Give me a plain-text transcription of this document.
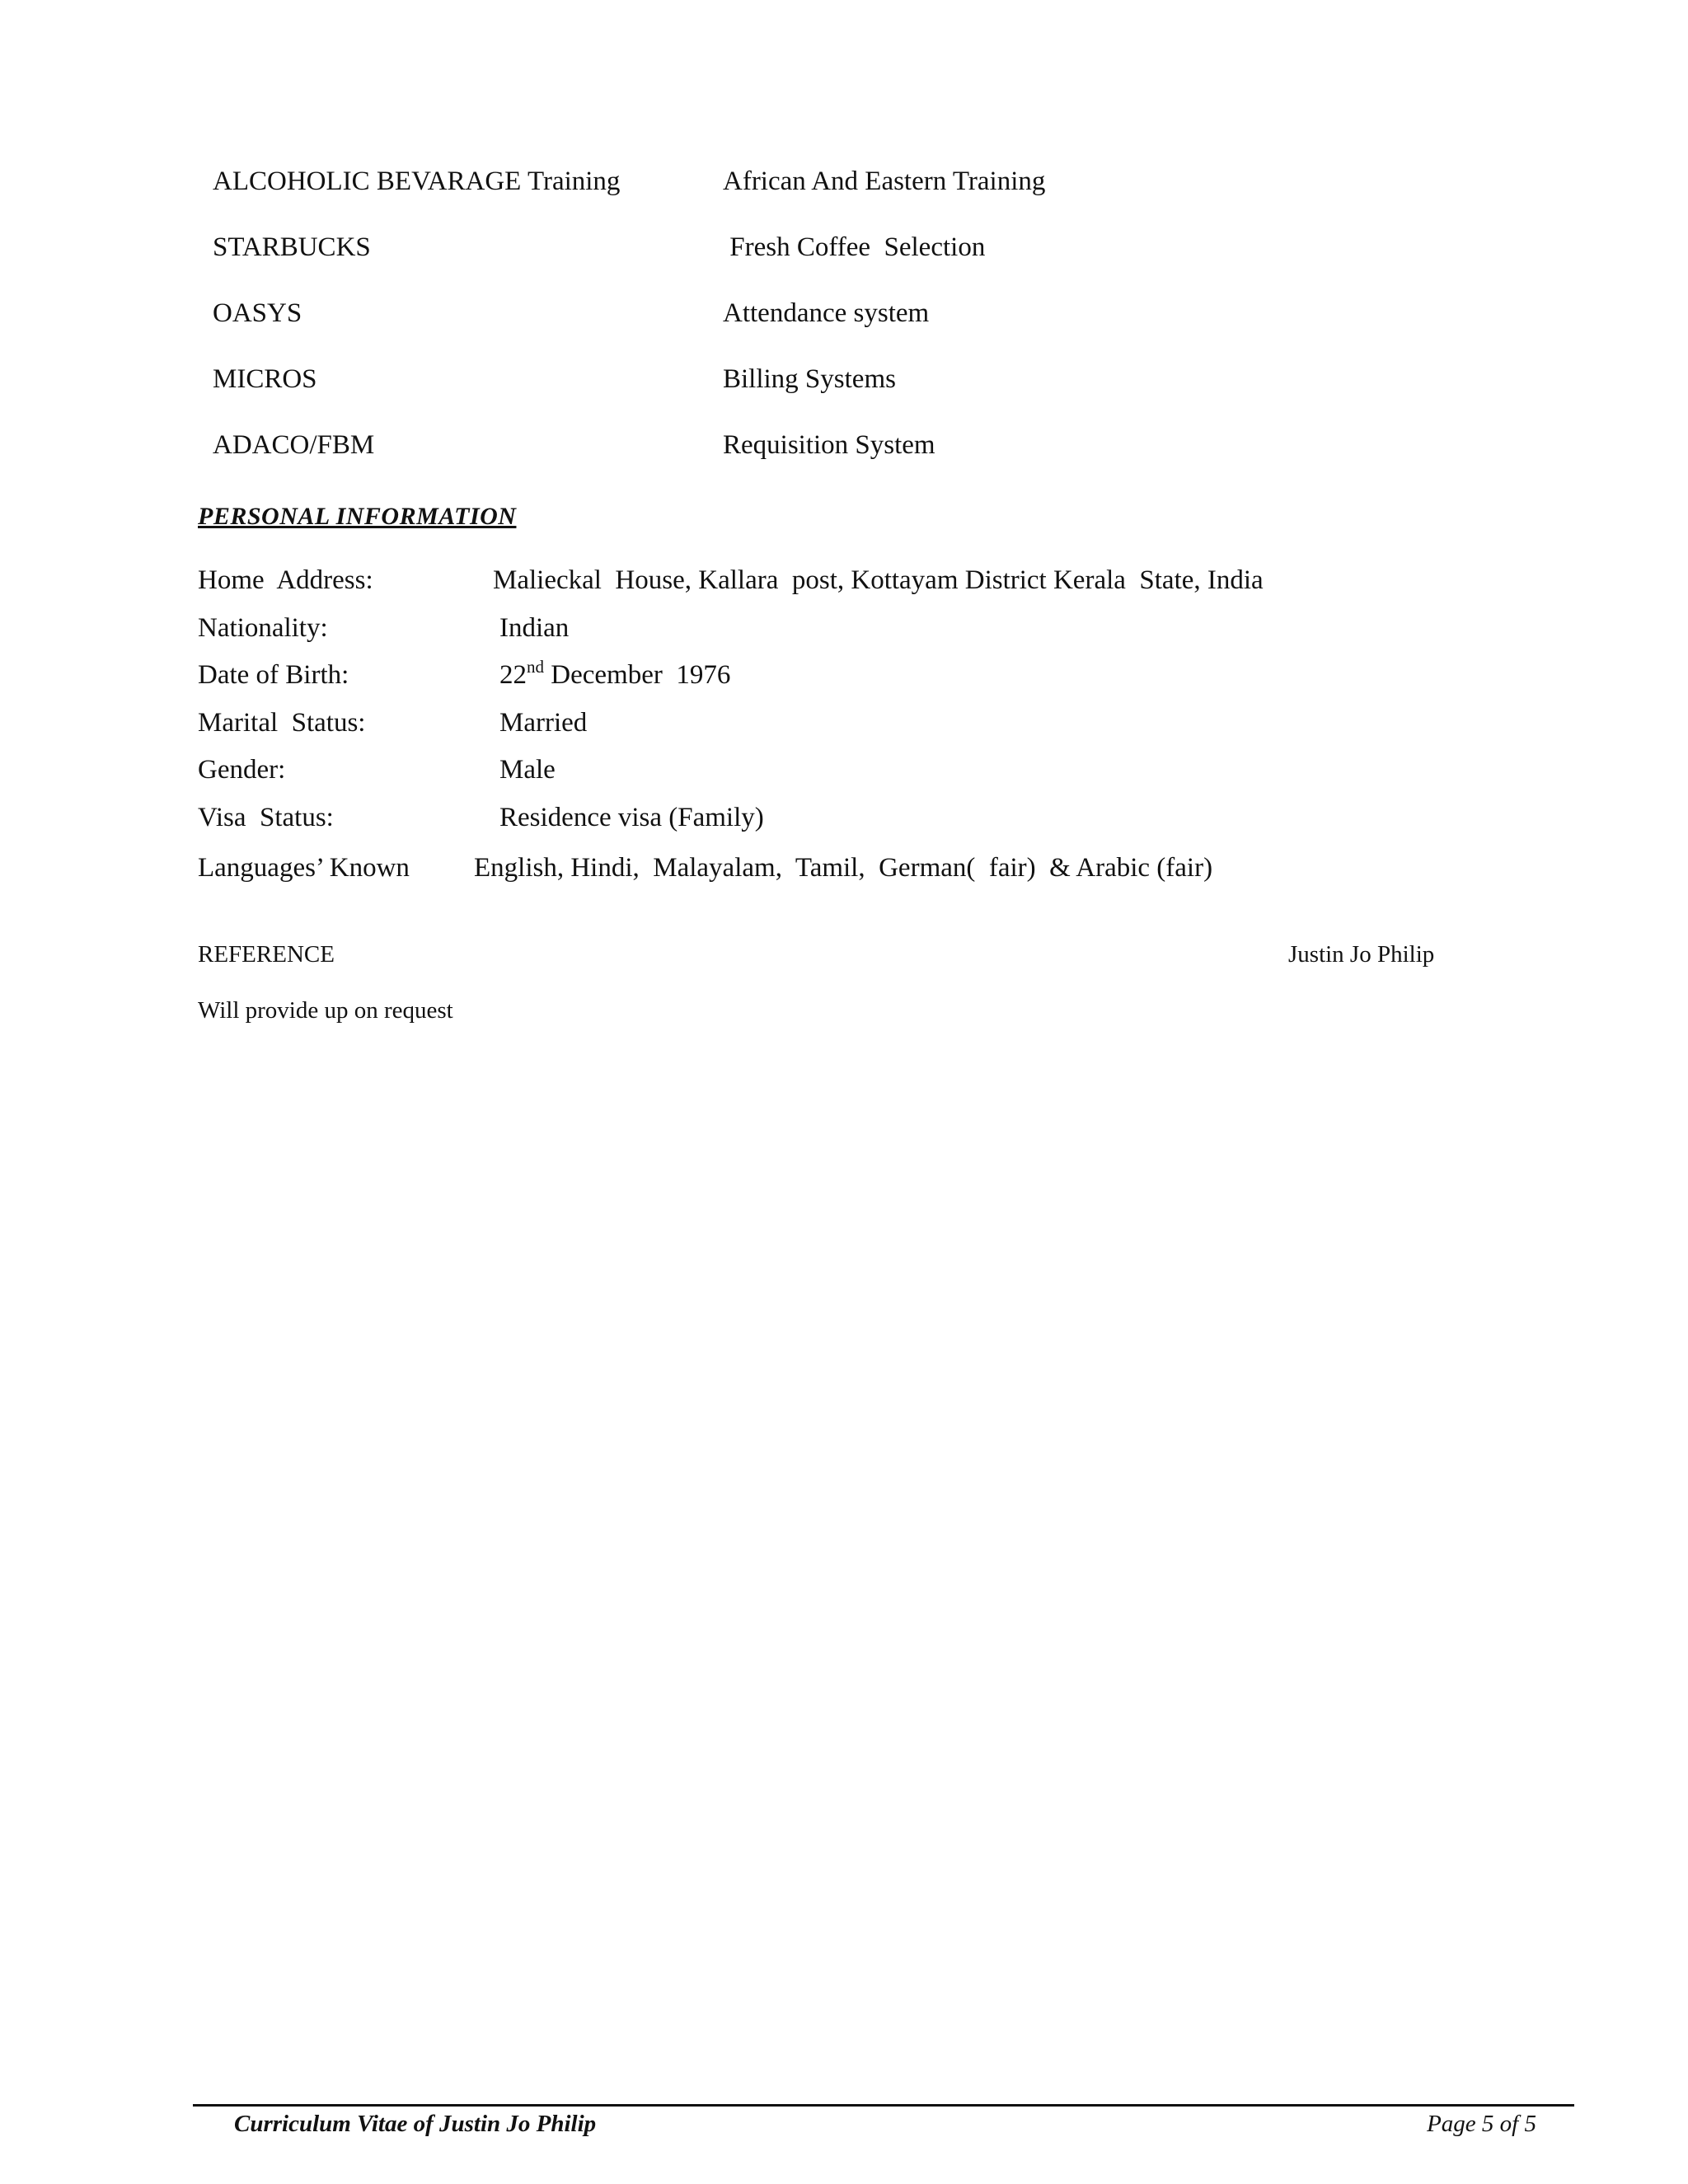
ALCOHOLIC BEVARAGE Training	African And Eastern Training
STARBUCKS	Fresh Coffee  Selection
OASYS	Attendance system
MICROS	Billing Systems
ADACO/FBM	Requisition System
PERSONAL INFORMATION
Home  Address:	Malieckal  House, Kallara  post, Kottayam District Kerala  State, India
Nationality:	Indian
Date of Birth:	22nd December  1976
Marital  Status:	Married
Gender:	Male
Visa  Status:	Residence visa (Family)
Languages’ Known English, Hindi,  Malayalam,  Tamil,  German(  fair)  & Arabic (fair)
REFERENCE	Justin Jo Philip
Will provide up on request
Curriculum Vitae of Justin Jo Philip	Page 5 of 5
